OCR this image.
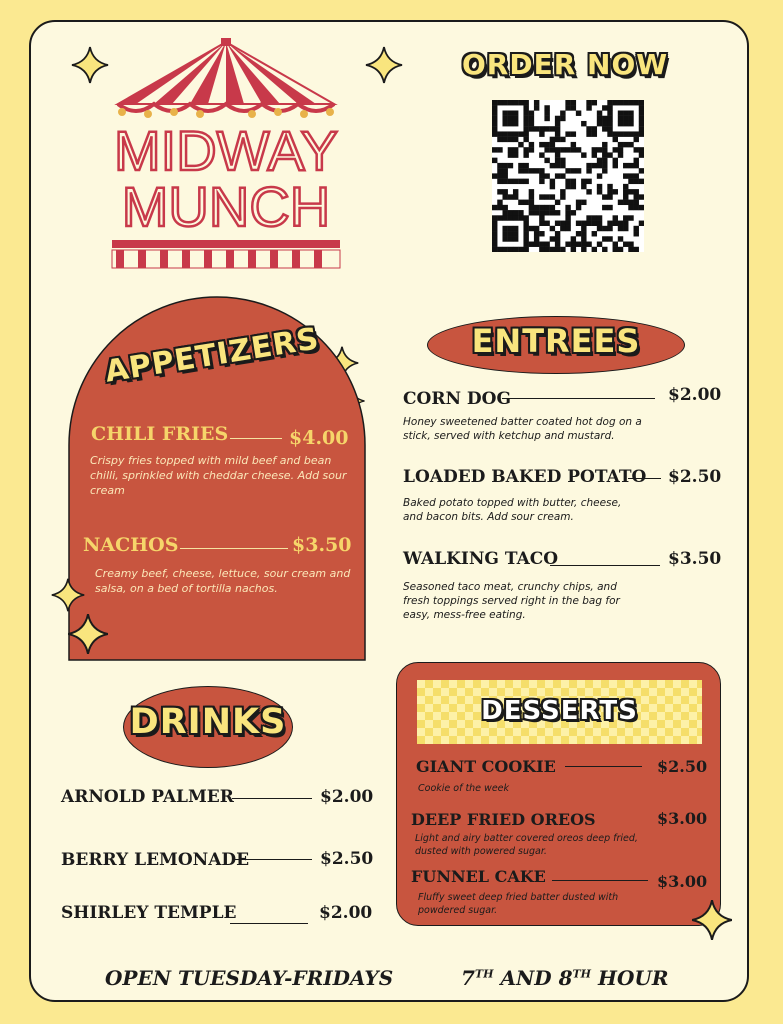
MIDWAY
MUNCH
ORDER NOW
APPETIZERS
CHILI FRIES	$4.00
Crispy fries topped with mild beef and bean chilli, sprinkled with cheddar cheese. Add sour cream
NACHOS	$3.50
Creamy beef, cheese, lettuce, sour cream and salsa, on a bed of tortilla nachos.
ENTREES
CORN DOG	$2.00
Honey sweetened batter coated hot dog on a stick, served with ketchup and mustard.
LOADED BAKED POTATO $2.50
Baked potato topped with butter, cheese, and bacon bits. Add sour cream.
WALKING TACO	$3.50
Seasoned taco meat, crunchy chips, and fresh toppings served right in the bag for easy, mess-free eating.
DRINKS
ARNOLD PALMER	$2.00
BERRY LEMONADE	$2.50
SHIRLEY TEMPLE	$2.00
DESSERTS
GIANT COOKIE	$2.50
Cookie of the week
DEEP FRIED OREOS	$3.00
Light and airy batter covered oreos deep fried, dusted with powered sugar.
FUNNEL CAKE	$3.00
Fluffy sweet deep fried batter dusted with powdered sugar.
OPEN TUESDAY-FRIDAYS	7TH AND 8TH HOUR
